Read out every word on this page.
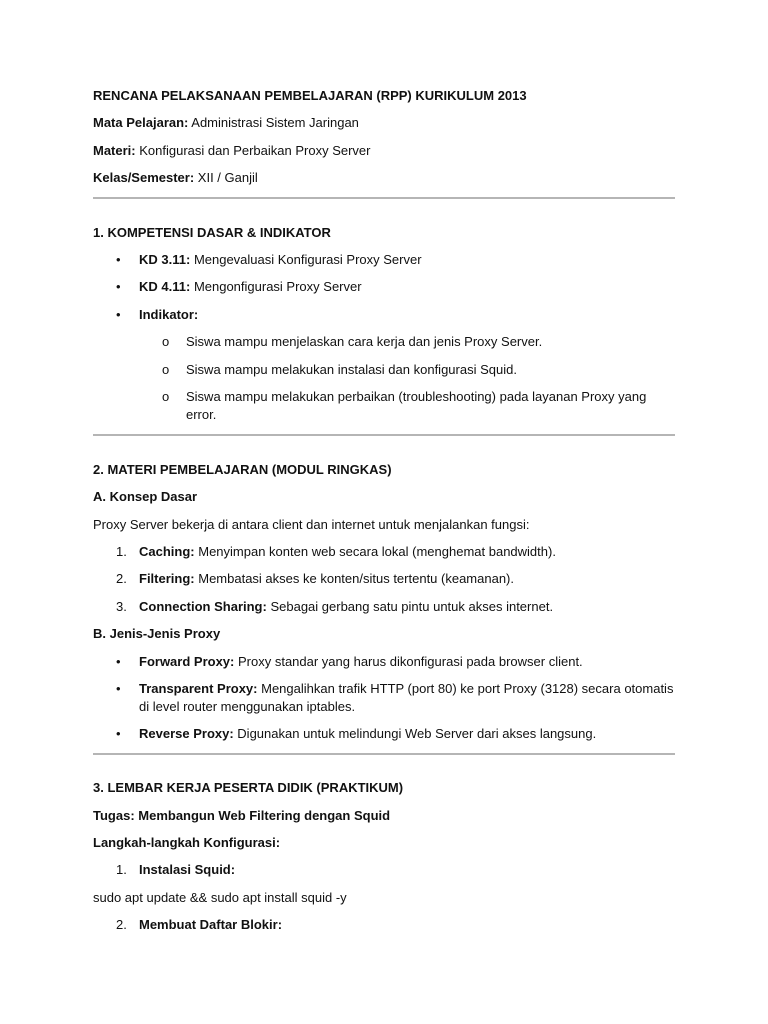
RENCANA PELAKSANAAN PEMBELAJARAN (RPP) KURIKULUM 2013
Mata Pelajaran: Administrasi Sistem Jaringan
Materi: Konfigurasi dan Perbaikan Proxy Server
Kelas/Semester: XII / Ganjil
1. KOMPETENSI DASAR & INDIKATOR
• KD 3.11: Mengevaluasi Konfigurasi Proxy Server
• KD 4.11: Mengonfigurasi Proxy Server
• Indikator:
o Siswa mampu menjelaskan cara kerja dan jenis Proxy Server.
o Siswa mampu melakukan instalasi dan konfigurasi Squid.
o Siswa mampu melakukan perbaikan (troubleshooting) pada layanan Proxy yang
error.
2. MATERI PEMBELAJARAN (MODUL RINGKAS)
A. Konsep Dasar
Proxy Server bekerja di antara client dan internet untuk menjalankan fungsi:
1. Caching: Menyimpan konten web secara lokal (menghemat bandwidth).
2. Filtering: Membatasi akses ke konten/situs tertentu (keamanan).
3. Connection Sharing: Sebagai gerbang satu pintu untuk akses internet.
B. Jenis-Jenis Proxy
• Forward Proxy: Proxy standar yang harus dikonfigurasi pada browser client.
• Transparent Proxy: Mengalihkan trafik HTTP (port 80) ke port Proxy (3128) secara otomatis
di level router menggunakan iptables.
• Reverse Proxy: Digunakan untuk melindungi Web Server dari akses langsung.
3. LEMBAR KERJA PESERTA DIDIK (PRAKTIKUM)
Tugas: Membangun Web Filtering dengan Squid
Langkah-langkah Konfigurasi:
1. Instalasi Squid:
sudo apt update && sudo apt install squid -y
2. Membuat Daftar Blokir:
